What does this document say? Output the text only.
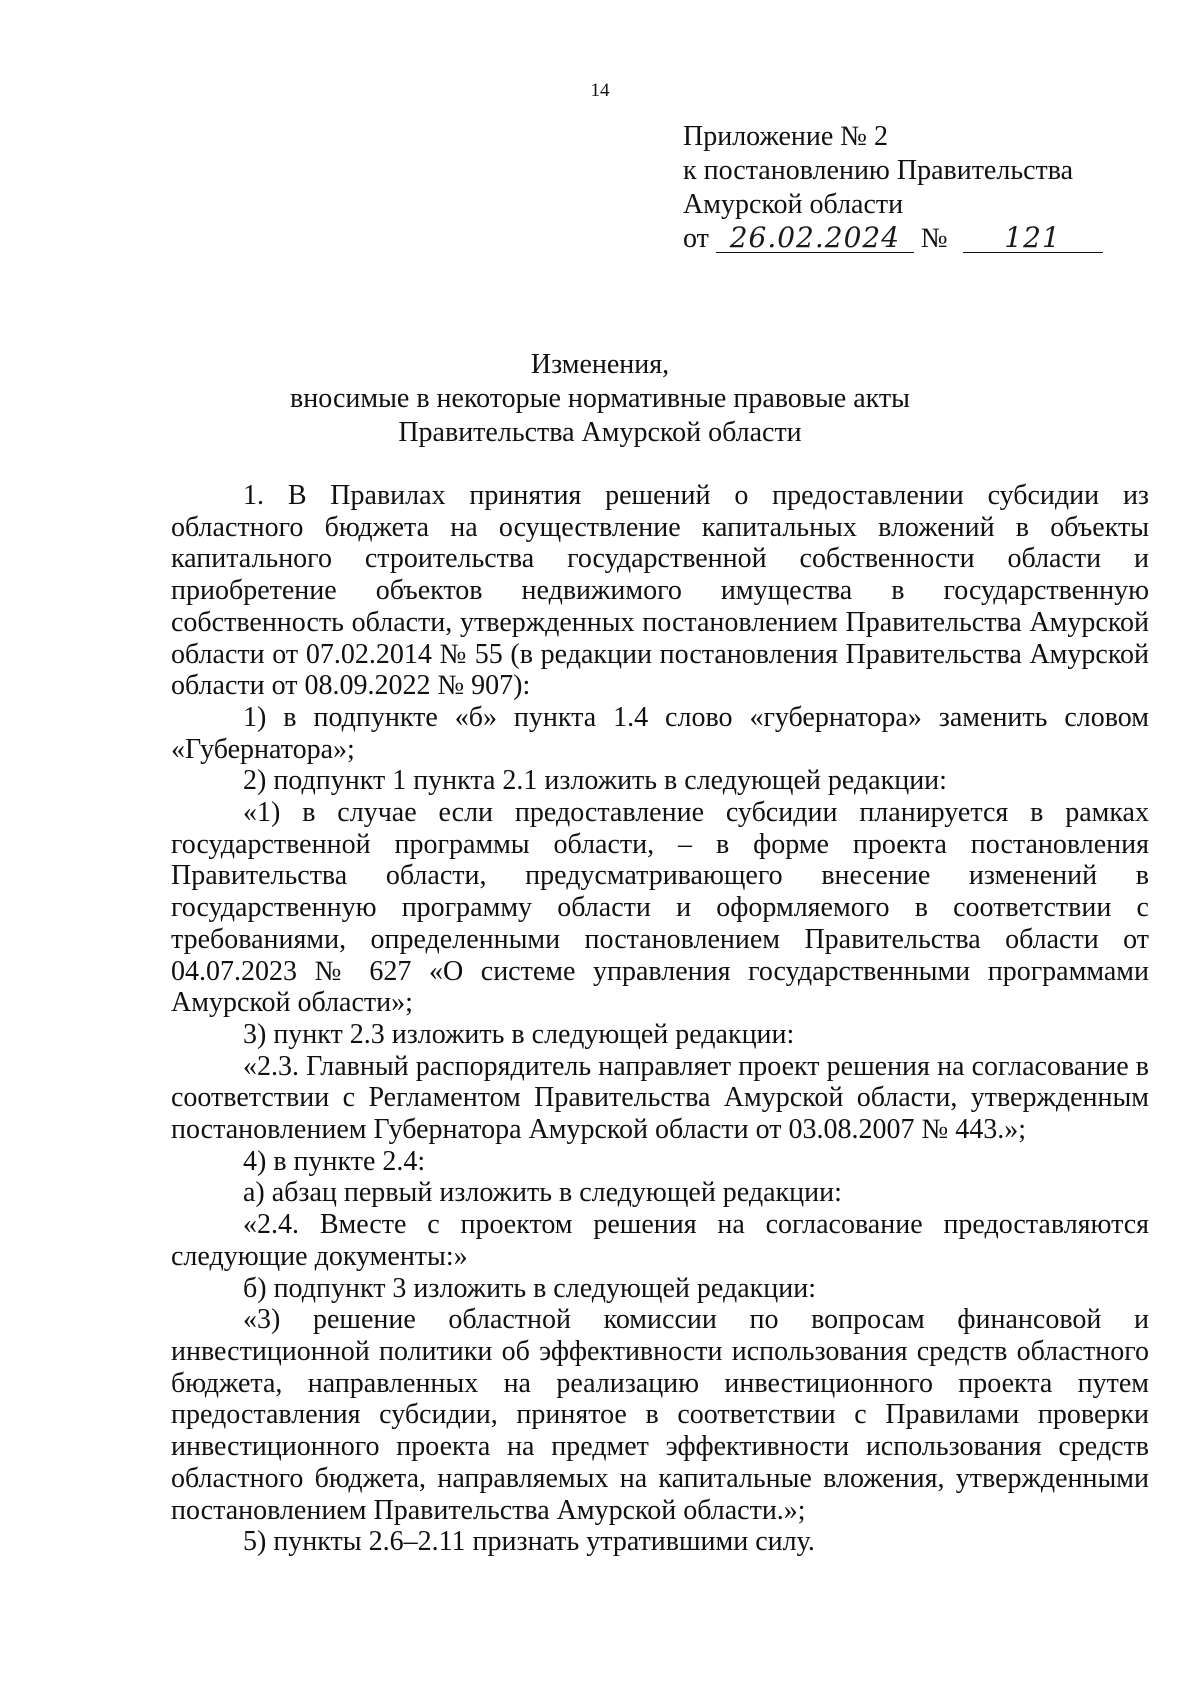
14
Приложение № 2
к постановлению Правительства
Амурской области
от 26.02.2024 № 121
Изменения,
вносимые в некоторые нормативные правовые акты
Правительства Амурской области

1. В Правилах принятия решений о предоставлении субсидии из областного бюджета на осуществление капитальных вложений в объекты капитального строительства государственной собственности области и приобретение объектов недвижимого имущества в государственную собственность области, утвержденных постановлением Правительства Амурской области от 07.02.2014 № 55 (в редакции постановления Правительства Амурской области от 08.09.2022 № 907):

1) в подпункте «б» пункта 1.4 слово «губернатора» заменить словом «Губернатора»;

2) подпункт 1 пункта 2.1 изложить в следующей редакции:

«1) в случае если предоставление субсидии планируется в рамках государственной программы области, – в форме проекта постановления Правительства области, предусматривающего внесение изменений в государственную программу области и оформляемого в соответствии с требованиями, определенными постановлением Правительства области от 04.07.2023 № 627 «О системе управления государственными программами Амурской области»;

3) пункт 2.3 изложить в следующей редакции:

«2.3. Главный распорядитель направляет проект решения на согласование в соответствии с Регламентом Правительства Амурской области, утвержденным постановлением Губернатора Амурской области от 03.08.2007 № 443.»;

4) в пункте 2.4:

а) абзац первый изложить в следующей редакции:

«2.4. Вместе с проектом решения на согласование предоставляются следующие документы:»

б) подпункт 3 изложить в следующей редакции:

«3) решение областной комиссии по вопросам финансовой и инвестиционной политики об эффективности использования средств областного бюджета, направленных на реализацию инвестиционного проекта путем предоставления субсидии, принятое в соответствии с Правилами проверки инвестиционного проекта на предмет эффективности использования средств областного бюджета, направляемых на капитальные вложения, утвержденными постановлением Правительства Амурской области.»;

5) пункты 2.6–2.11 признать утратившими силу.
